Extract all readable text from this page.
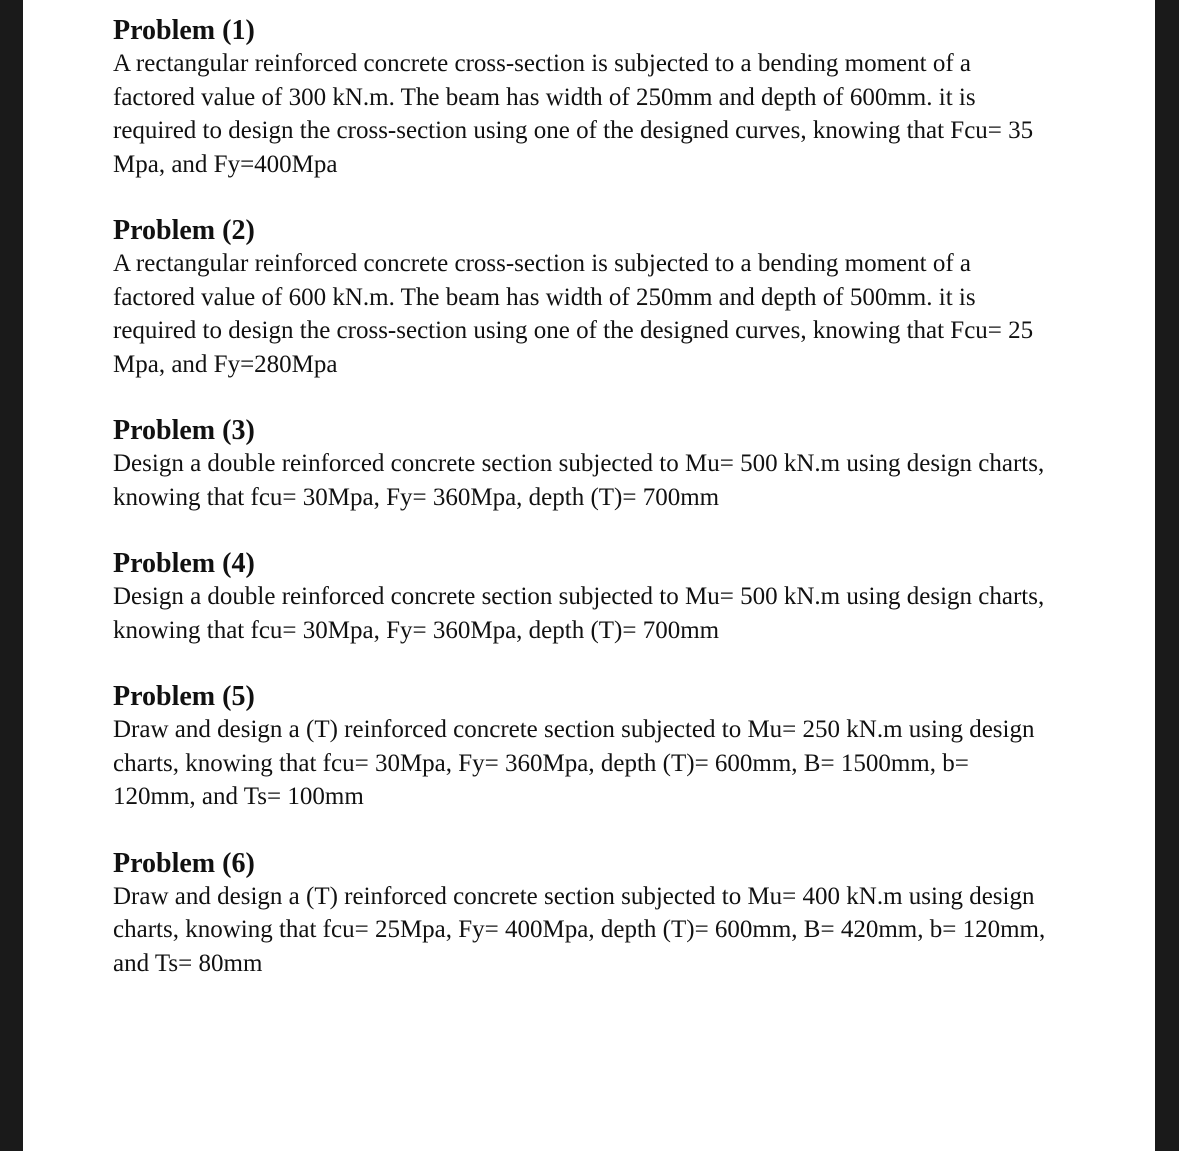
Problem (1)

A rectangular reinforced concrete cross-section is subjected to a bending moment of a
factored value of 300 kN.m. The beam has width of 250mm and depth of 600mm. it is
required to design the cross-section using one of the designed curves, knowing that Fcu= 35
Mpa, and Fy=400Mpa

Problem (2)

A rectangular reinforced concrete cross-section is subjected to a bending moment of a
factored value of 600 kN.m. The beam has width of 250mm and depth of 500mm. it is
required to design the cross-section using one of the designed curves, knowing that Fcu= 25
Mpa, and Fy=280Mpa

Problem (3)

Design a double reinforced concrete section subjected to Mu= 500 kN.m using design charts,
knowing that fcu= 30Mpa, Fy= 360Mpa, depth (T)= 700mm

Problem (4)

Design a double reinforced concrete section subjected to Mu= 500 kN.m using design charts,
knowing that fcu= 30Mpa, Fy= 360Mpa, depth (T)= 700mm

Problem (5)

Draw and design a (T) reinforced concrete section subjected to Mu= 250 kN.m using design
charts, knowing that fcu= 30Mpa, Fy= 360Mpa, depth (T)= 600mm, B= 1500mm, b=
120mm, and Ts= 100mm

Problem (6)

Draw and design a (T) reinforced concrete section subjected to Mu= 400 kN.m using design
charts, knowing that fcu= 25Mpa, Fy= 400Mpa, depth (T)= 600mm, B= 420mm, b= 120mm,
and Ts= 80mm
